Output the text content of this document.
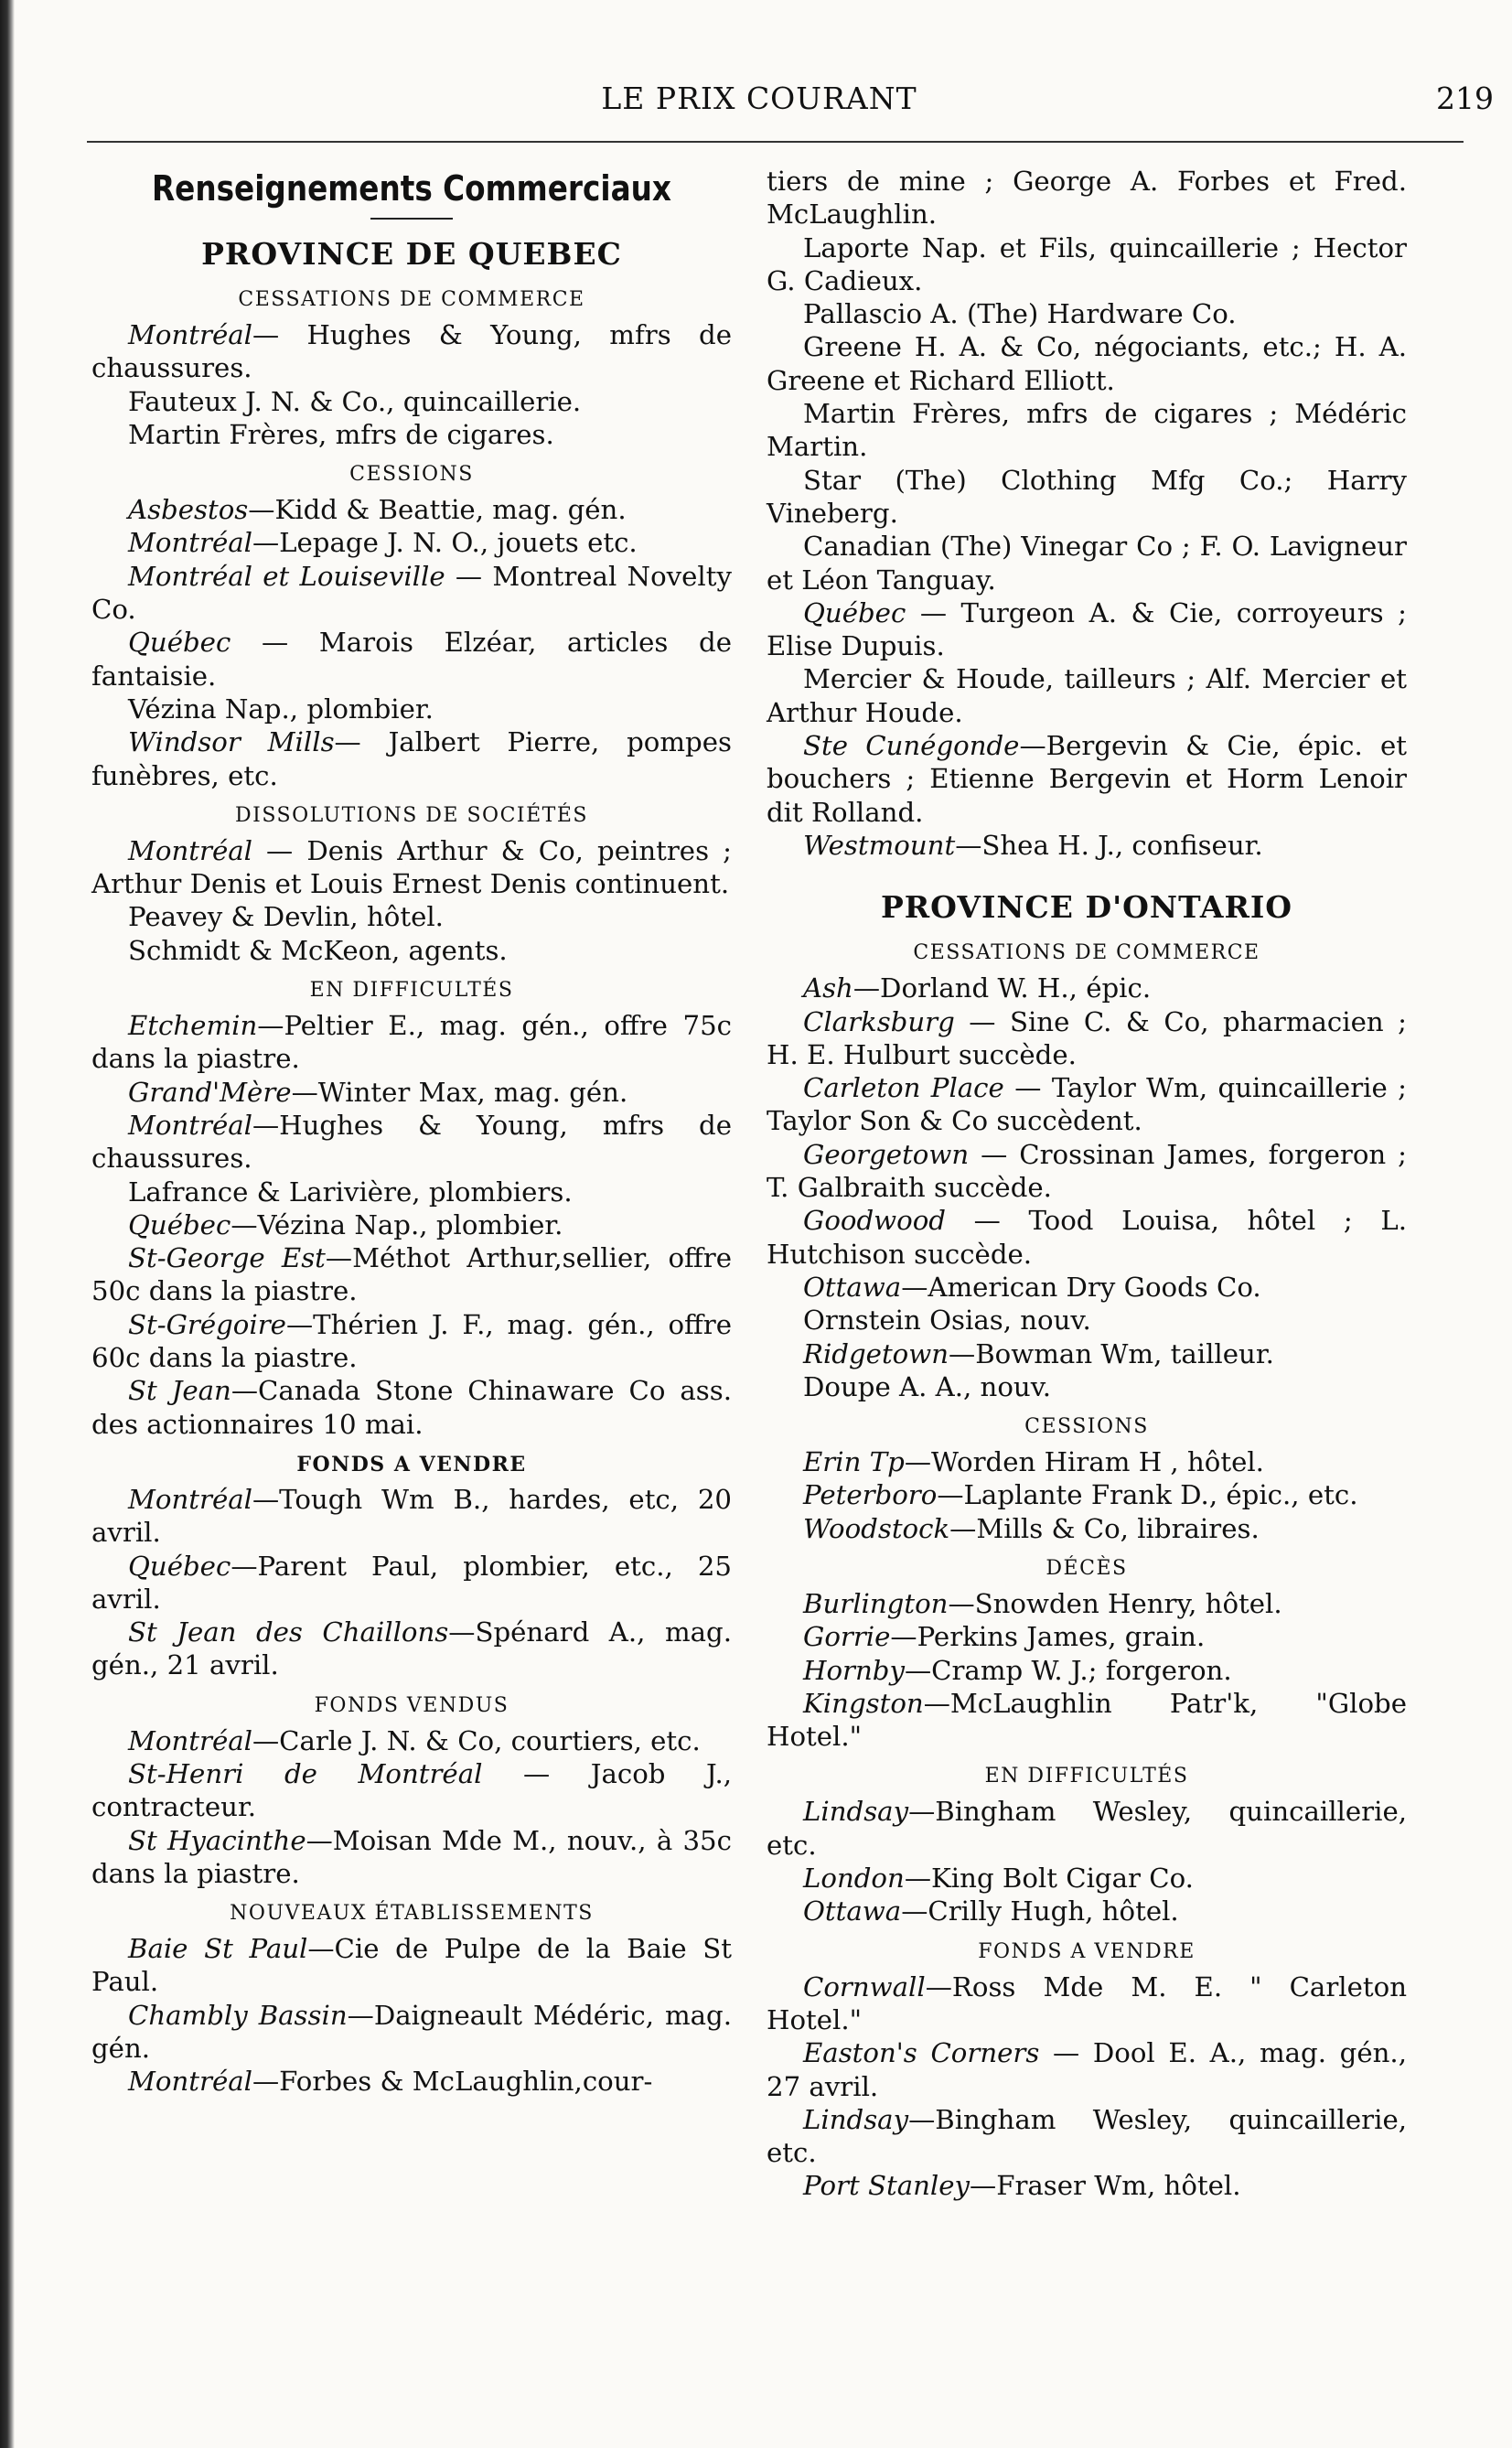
LE PRIX COURANT	219
Renseignements Commerciaux
PROVINCE DE QUEBEC
CESSATIONS DE COMMERCE
Montréal— Hughes & Young, mfrs de chaussures.
Fauteux J. N. & Co., quincaillerie.
Martin Frères, mfrs de cigares.
CESSIONS
Asbestos—Kidd & Beattie, mag. gén.
Montréal—Lepage J. N. O., jouets etc.
Montréal et Louiseville — Montreal Novelty Co.
Québec — Marois Elzéar, articles de fantaisie.
Vézina Nap., plombier.
Windsor Mills— Jalbert Pierre, pompes funèbres, etc.
DISSOLUTIONS DE SOCIÉTÉS
Montréal — Denis Arthur & Co, peintres ; Arthur Denis et Louis Ernest Denis continuent.
Peavey & Devlin, hôtel.
Schmidt & McKeon, agents.
EN DIFFICULTÉS
Etchemin—Peltier E., mag. gén., offre 75c dans la piastre.
Grand'Mère—Winter Max, mag. gén.
Montréal—Hughes & Young, mfrs de chaussures.
Lafrance & Larivière, plombiers.
Québec—Vézina Nap., plombier.
St-George Est—Méthot Arthur,sellier, offre 50c dans la piastre.
St-Grégoire—Thérien J. F., mag. gén., offre 60c dans la piastre.
St Jean—Canada Stone Chinaware Co ass. des actionnaires 10 mai.
FONDS A VENDRE
Montréal—Tough Wm B., hardes, etc, 20 avril.
Québec—Parent Paul, plombier, etc., 25 avril.
St Jean des Chaillons—Spénard A., mag. gén., 21 avril.
FONDS VENDUS
Montréal—Carle J. N. & Co, courtiers, etc.
St-Henri de Montréal — Jacob J., contracteur.
St Hyacinthe—Moisan Mde M., nouv., à 35c dans la piastre.
NOUVEAUX ÉTABLISSEMENTS
Baie St Paul—Cie de Pulpe de la Baie St Paul.
Chambly Bassin—Daigneault Médéric, mag. gén.
Montréal—Forbes & McLaughlin,cour-
tiers de mine ; George A. Forbes et Fred. McLaughlin.
Laporte Nap. et Fils, quincaillerie ; Hector G. Cadieux.
Pallascio A. (The) Hardware Co.
Greene H. A. & Co, négociants, etc.; H. A. Greene et Richard Elliott.
Martin Frères, mfrs de cigares ; Médéric Martin.
Star (The) Clothing Mfg Co.; Harry Vineberg.
Canadian (The) Vinegar Co ; F. O. Lavigneur et Léon Tanguay.
Québec — Turgeon A. & Cie, corroyeurs ; Elise Dupuis.
Mercier & Houde, tailleurs ; Alf. Mercier et Arthur Houde.
Ste Cunégonde—Bergevin & Cie, épic. et bouchers ; Etienne Bergevin et Horm Lenoir dit Rolland.
Westmount—Shea H. J., confiseur.
PROVINCE D'ONTARIO
CESSATIONS DE COMMERCE
Ash—Dorland W. H., épic.
Clarksburg — Sine C. & Co, pharmacien ; H. E. Hulburt succède.
Carleton Place — Taylor Wm, quincaillerie ; Taylor Son & Co succèdent.
Georgetown — Crossinan James, forgeron ; T. Galbraith succède.
Goodwood — Tood Louisa, hôtel ; L. Hutchison succède.
Ottawa—American Dry Goods Co.
Ornstein Osias, nouv.
Ridgetown—Bowman Wm, tailleur.
Doupe A. A., nouv.
CESSIONS
Erin Tp—Worden Hiram H , hôtel.
Peterboro—Laplante Frank D., épic., etc.
Woodstock—Mills & Co, libraires.
DÉCÈS
Burlington—Snowden Henry, hôtel.
Gorrie—Perkins James, grain.
Hornby—Cramp W. J.; forgeron.
Kingston—McLaughlin Patr'k, "Globe Hotel."
EN DIFFICULTÉS
Lindsay—Bingham Wesley, quincaillerie, etc.
London—King Bolt Cigar Co.
Ottawa—Crilly Hugh, hôtel.
FONDS A VENDRE
Cornwall—Ross Mde M. E. " Carleton Hotel."
Easton's Corners — Dool E. A., mag. gén., 27 avril.
Lindsay—Bingham Wesley, quincaillerie, etc.
Port Stanley—Fraser Wm, hôtel.
